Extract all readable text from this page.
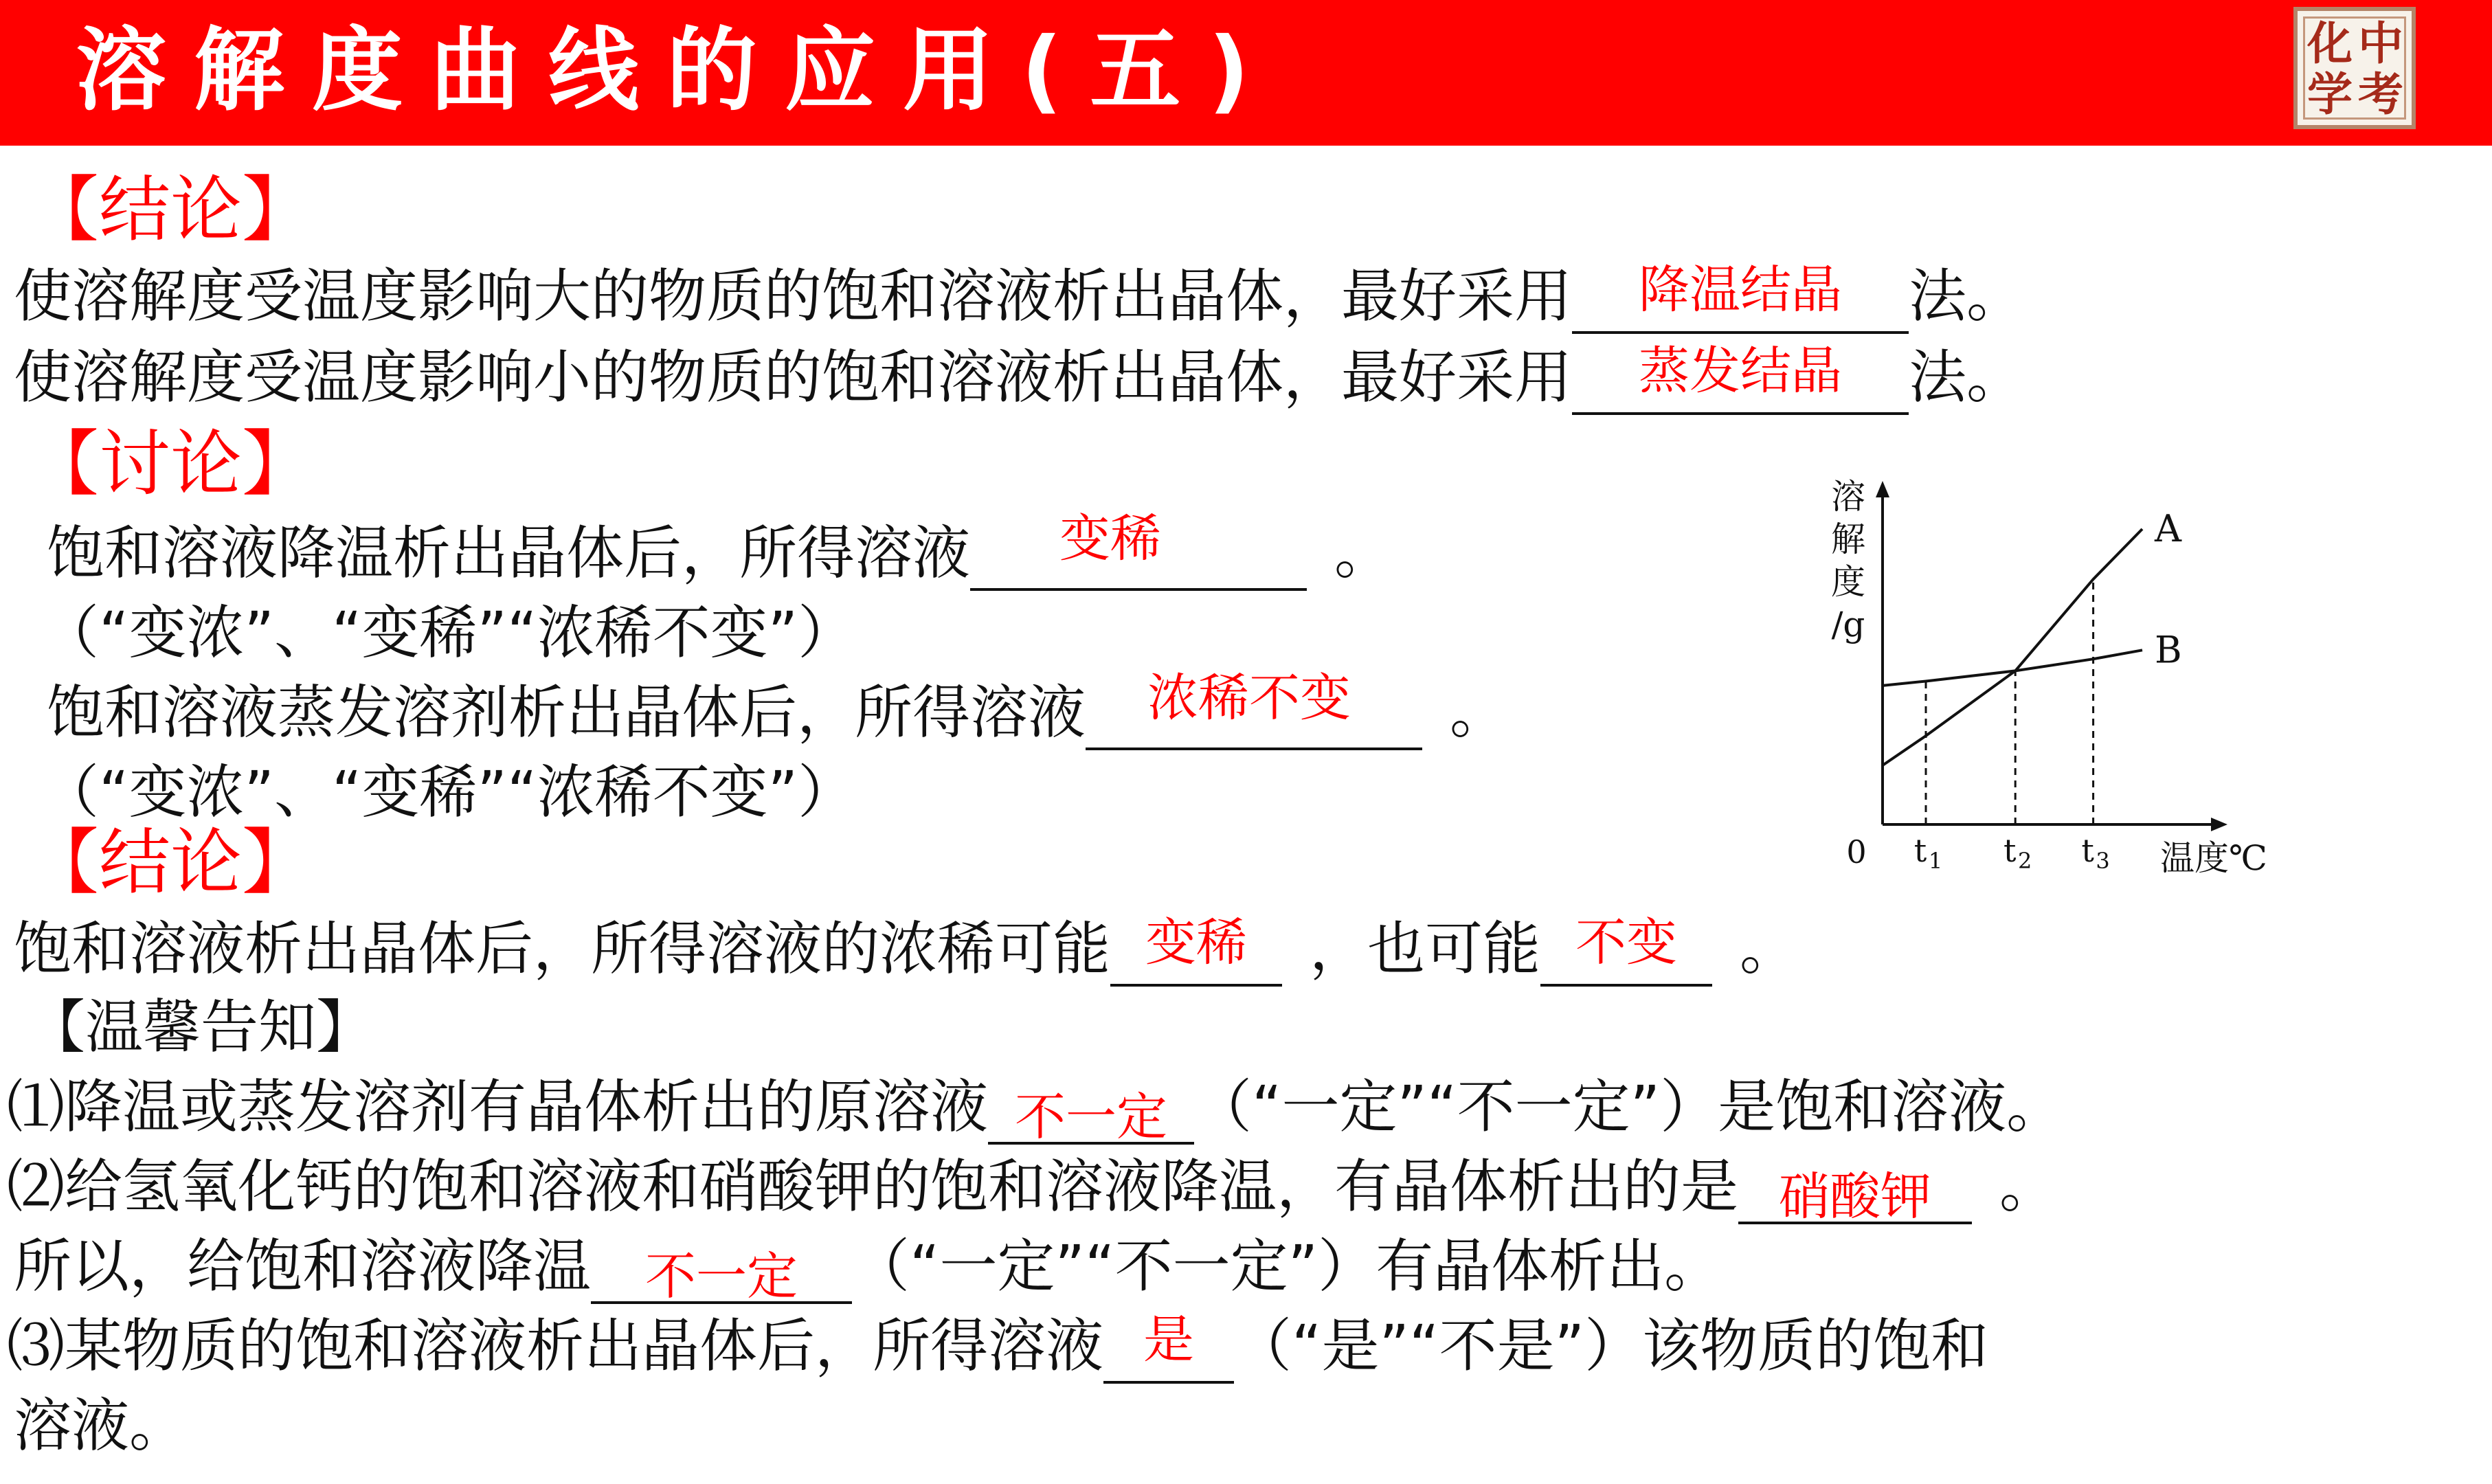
溶解度曲线的应用(五)	化 中
学 考
【结论】
使溶解度受温度影响大的物质的饱和溶液析出晶体，最好采用 降温结晶 法。
使溶解度受温度影响小的物质的饱和溶液析出晶体，最好采用 蒸发结晶 法。
【讨论】
饱和溶液降温析出晶体后，所得溶液 变稀	。
（“变浓”、“变稀”“浓稀不变”）
饱和溶液蒸发溶剂析出晶体后，所得溶液 浓稀不变 。
（“变浓”、“变稀”“浓稀不变”）
【结论】
饱和溶液析出晶体后，所得溶液的浓稀可能 变稀 ，也可能 不变 。
【温馨告知】
⑴降温或蒸发溶剂有晶体析出的原溶液 不一定 （“一定”“不一定”）是饱和溶液。
⑵给氢氧化钙的饱和溶液和硝酸钾的饱和溶液降温，有晶体析出的是 硝酸钾 。
所以，给饱和溶液降温 不一定 （“一定”“不一定”）有晶体析出。
⑶某物质的饱和溶液析出晶体后，所得溶液 是 （“是”“不是”）该物质的饱和
溶液。
溶
解
度
/g
0	温度℃
t 1 t 2 t 3
A
B
